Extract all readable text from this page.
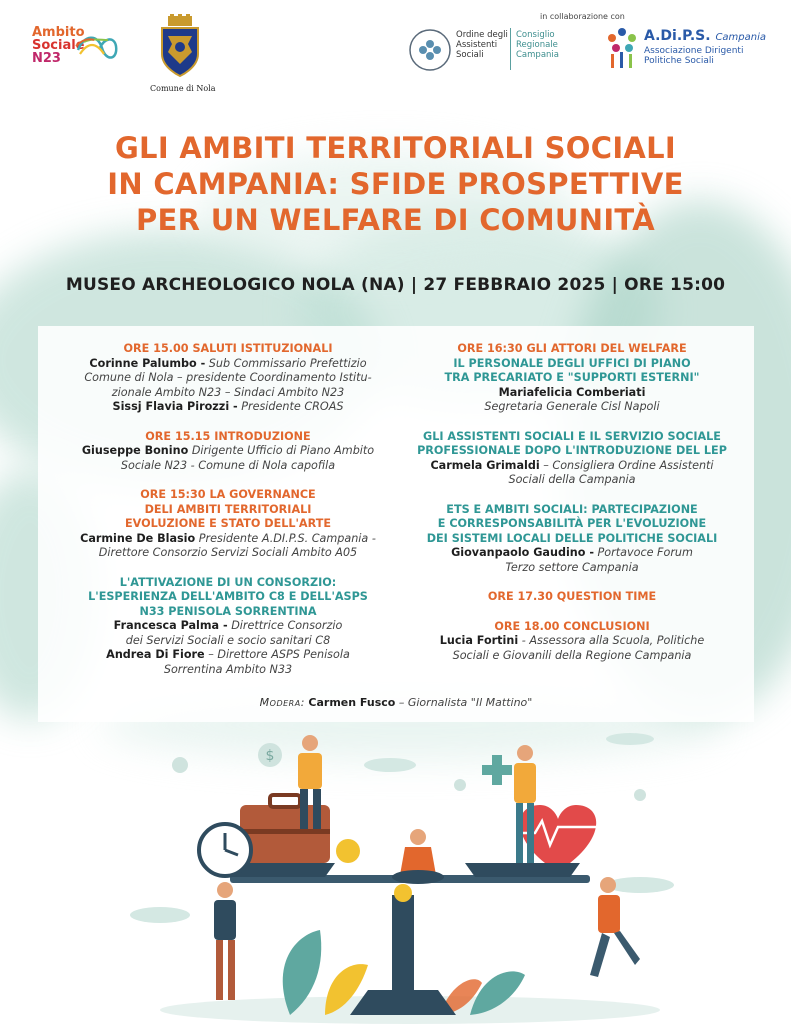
Ambito
Sociale
N23
Comune di Nola
in collaborazione con
Ordine degli
Assistenti
Sociali
Consiglio
Regionale
Campania
A.Di.P.S. Campania
Associazione Dirigenti
Politiche Sociali
GLI AMBITI TERRITORIALI SOCIALI
IN CAMPANIA: SFIDE PROSPETTIVE
PER UN WELFARE DI COMUNITÀ
MUSEO ARCHEOLOGICO NOLA (NA) | 27 FEBBRAIO 2025 | ORE 15:00
ORE 15.00 SALUTI ISTITUZIONALI
Corinne Palumbo - Sub Commissario Prefettizio
Comune di Nola – presidente Coordinamento Istitu-
zionale Ambito N23 – Sindaci Ambito N23
Sissj Flavia Pirozzi - Presidente CROAS
ORE 15.15 INTRODUZIONE
Giuseppe Bonino Dirigente Ufficio di Piano Ambito
Sociale N23 - Comune di Nola capofila
ORE 15:30 LA GOVERNANCE
DELI AMBITI TERRITORIALI
EVOLUZIONE E STATO DELL'ARTE
Carmine De Blasio Presidente A.DI.P.S. Campania -
Direttore Consorzio Servizi Sociali Ambito A05
L'ATTIVAZIONE DI UN CONSORZIO:
L'ESPERIENZA DELL'AMBITO C8 E DELL'ASPS
N33 PENISOLA SORRENTINA
Francesca Palma - Direttrice Consorzio
dei Servizi Sociali e socio sanitari C8
Andrea Di Fiore – Direttore ASPS Penisola
Sorrentina Ambito N33
ORE 16:30 GLI ATTORI DEL WELFARE
IL PERSONALE DEGLI UFFICI DI PIANO
TRA PRECARIATO E "SUPPORTI ESTERNI"
Mariafelicia Comberiati
Segretaria Generale Cisl Napoli
GLI ASSISTENTI SOCIALI E IL SERVIZIO SOCIALE
PROFESSIONALE DOPO L'INTRODUZIONE DEL LEP
Carmela Grimaldi – Consigliera Ordine Assistenti
Sociali della Campania
ETS E AMBITI SOCIALI: PARTECIPAZIONE
E CORRESPONSABILITÀ PER L'EVOLUZIONE
DEI SISTEMI LOCALI DELLE POLITICHE SOCIALI
Giovanpaolo Gaudino - Portavoce Forum
Terzo settore Campania
ORE 17.30 QUESTION TIME
ORE 18.00 CONCLUSIONI
Lucia Fortini - Assessora alla Scuola, Politiche
Sociali e Giovanili della Regione Campania
Modera: Carmen Fusco – Giornalista "Il Mattino"
$
